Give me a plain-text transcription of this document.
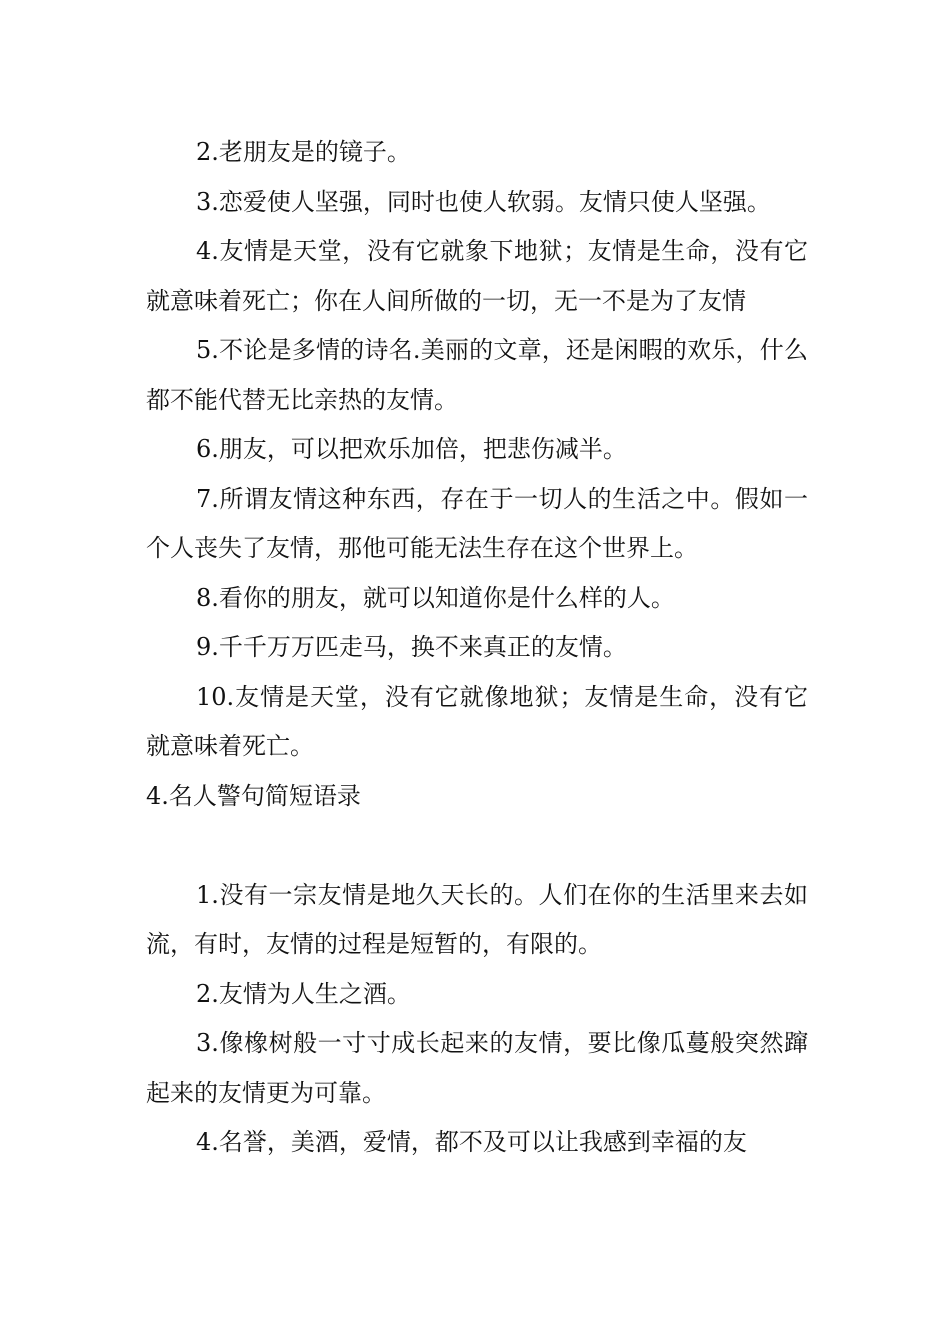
2.老朋友是的镜子。

3.恋爱使人坚强，同时也使人软弱。友情只使人坚强。

4.友情是天堂，没有它就象下地狱；友情是生命，没有它就意味着死亡；你在人间所做的一切，无一不是为了友情

5.不论是多情的诗名.美丽的文章，还是闲暇的欢乐，什么都不能代替无比亲热的友情。

6.朋友，可以把欢乐加倍，把悲伤减半。

7.所谓友情这种东西，存在于一切人的生活之中。假如一个人丧失了友情，那他可能无法生存在这个世界上。

8.看你的朋友，就可以知道你是什么样的人。

9.千千万万匹走马，换不来真正的友情。

10.友情是天堂，没有它就像地狱；友情是生命，没有它就意味着死亡。

4.名人警句简短语录

1.没有一宗友情是地久天长的。人们在你的生活里来去如流，有时，友情的过程是短暂的，有限的。

2.友情为人生之酒。

3.像橡树般一寸寸成长起来的友情，要比像瓜蔓般突然蹿起来的友情更为可靠。

4.名誉，美酒，爱情，都不及可以让我感到幸福的友
